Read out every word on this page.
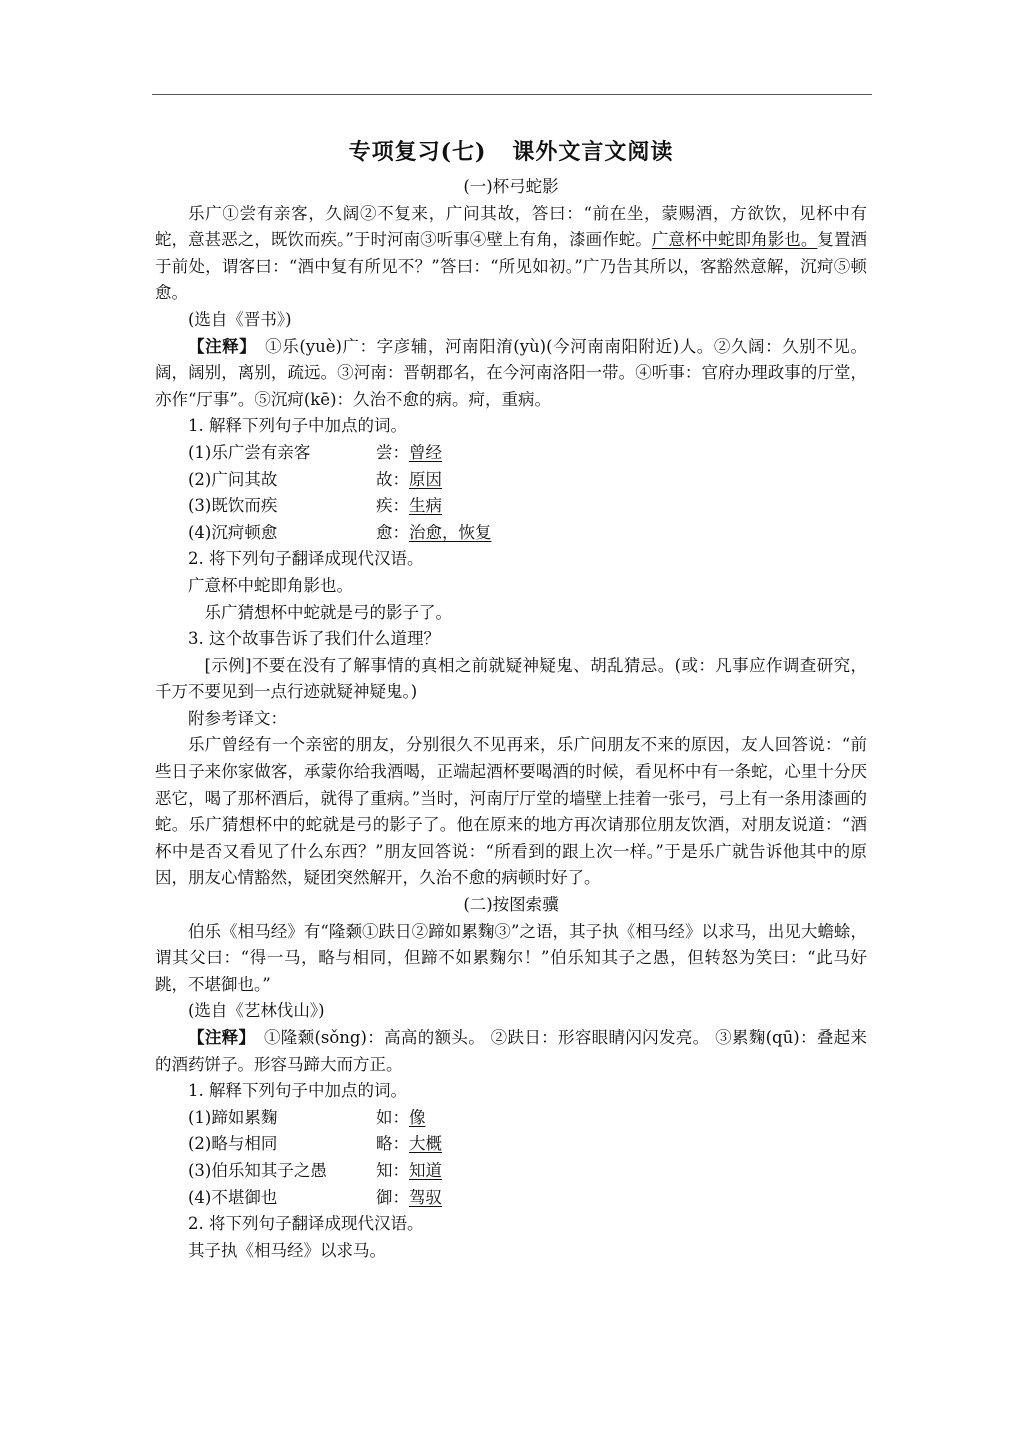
专项复习(七) 课外文言文阅读
(一)杯弓蛇影

乐广①尝有亲客，久阔②不复来，广问其故，答曰：“前在坐，蒙赐酒，方欲饮，见杯中有蛇，意甚恶之，既饮而疾。”于时河南③听事④壁上有角，漆画作蛇。广意杯中蛇即角影也。复置酒于前处，谓客曰：“酒中复有所见不？”答曰：“所见如初。”广乃告其所以，客豁然意解，沉疴⑤顿愈。

(选自《晋书》)

【注释】　 ①乐(yuè)广：字彦辅，河南阳淯(yù)(今河南南阳附近)人。②久阔：久别不见。阔，阔别，离别，疏远。③河南：晋朝郡名，在今河南洛阳一带。④听事：官府办理政事的厅堂，亦作“厅事”。⑤沉疴(kē)：久治不愈的病。疴，重病。

1. 解释下列句子中加点的词。

(1)乐广尝有亲客	尝：曾经
(2)广问其故	故：原因
(3)既饮而疾	疾：生病
(4)沉疴顿愈	愈：治愈，恢复

2. 将下列句子翻译成现代汉语。

广意杯中蛇即角影也。

乐广猜想杯中蛇就是弓的影子了。

3. 这个故事告诉了我们什么道理？

[示例]不要在没有了解事情的真相之前就疑神疑鬼、胡乱猜忌。(或：凡事应作调查研究，千万不要见到一点行迹就疑神疑鬼。)

附参考译文：

乐广曾经有一个亲密的朋友，分别很久不见再来，乐广问朋友不来的原因，友人回答说：“前些日子来你家做客，承蒙你给我酒喝，正端起酒杯要喝酒的时候，看见杯中有一条蛇，心里十分厌恶它，喝了那杯酒后，就得了重病。”当时，河南厅厅堂的墙壁上挂着一张弓，弓上有一条用漆画的蛇。乐广猜想杯中的蛇就是弓的影子了。他在原来的地方再次请那位朋友饮酒，对朋友说道：“酒杯中是否又看见了什么东西？”朋友回答说：“所看到的跟上次一样。”于是乐广就告诉他其中的原因，朋友心情豁然，疑团突然解开，久治不愈的病顿时好了。

(二)按图索骥

伯乐《相马经》有“隆颡①趺日②蹄如累麴③”之语，其子执《相马经》以求马，出见大蟾蜍，谓其父曰：“得一马，略与相同，但蹄不如累麴尔！”伯乐知其子之愚，但转怒为笑曰：“此马好跳，不堪御也。”

(选自《艺林伐山》)

【注释】　 ①隆颡(sǒng)：高高的额头。 ②趺日：形容眼睛闪闪发亮。 ③累麴(qū)：叠起来的酒药饼子。形容马蹄大而方正。

1. 解释下列句子中加点的词。

(1)蹄如累麴	如：像
(2)略与相同	略：大概
(3)伯乐知其子之愚	知：知道
(4)不堪御也	御：驾驭

2. 将下列句子翻译成现代汉语。

其子执《相马经》以求马。
